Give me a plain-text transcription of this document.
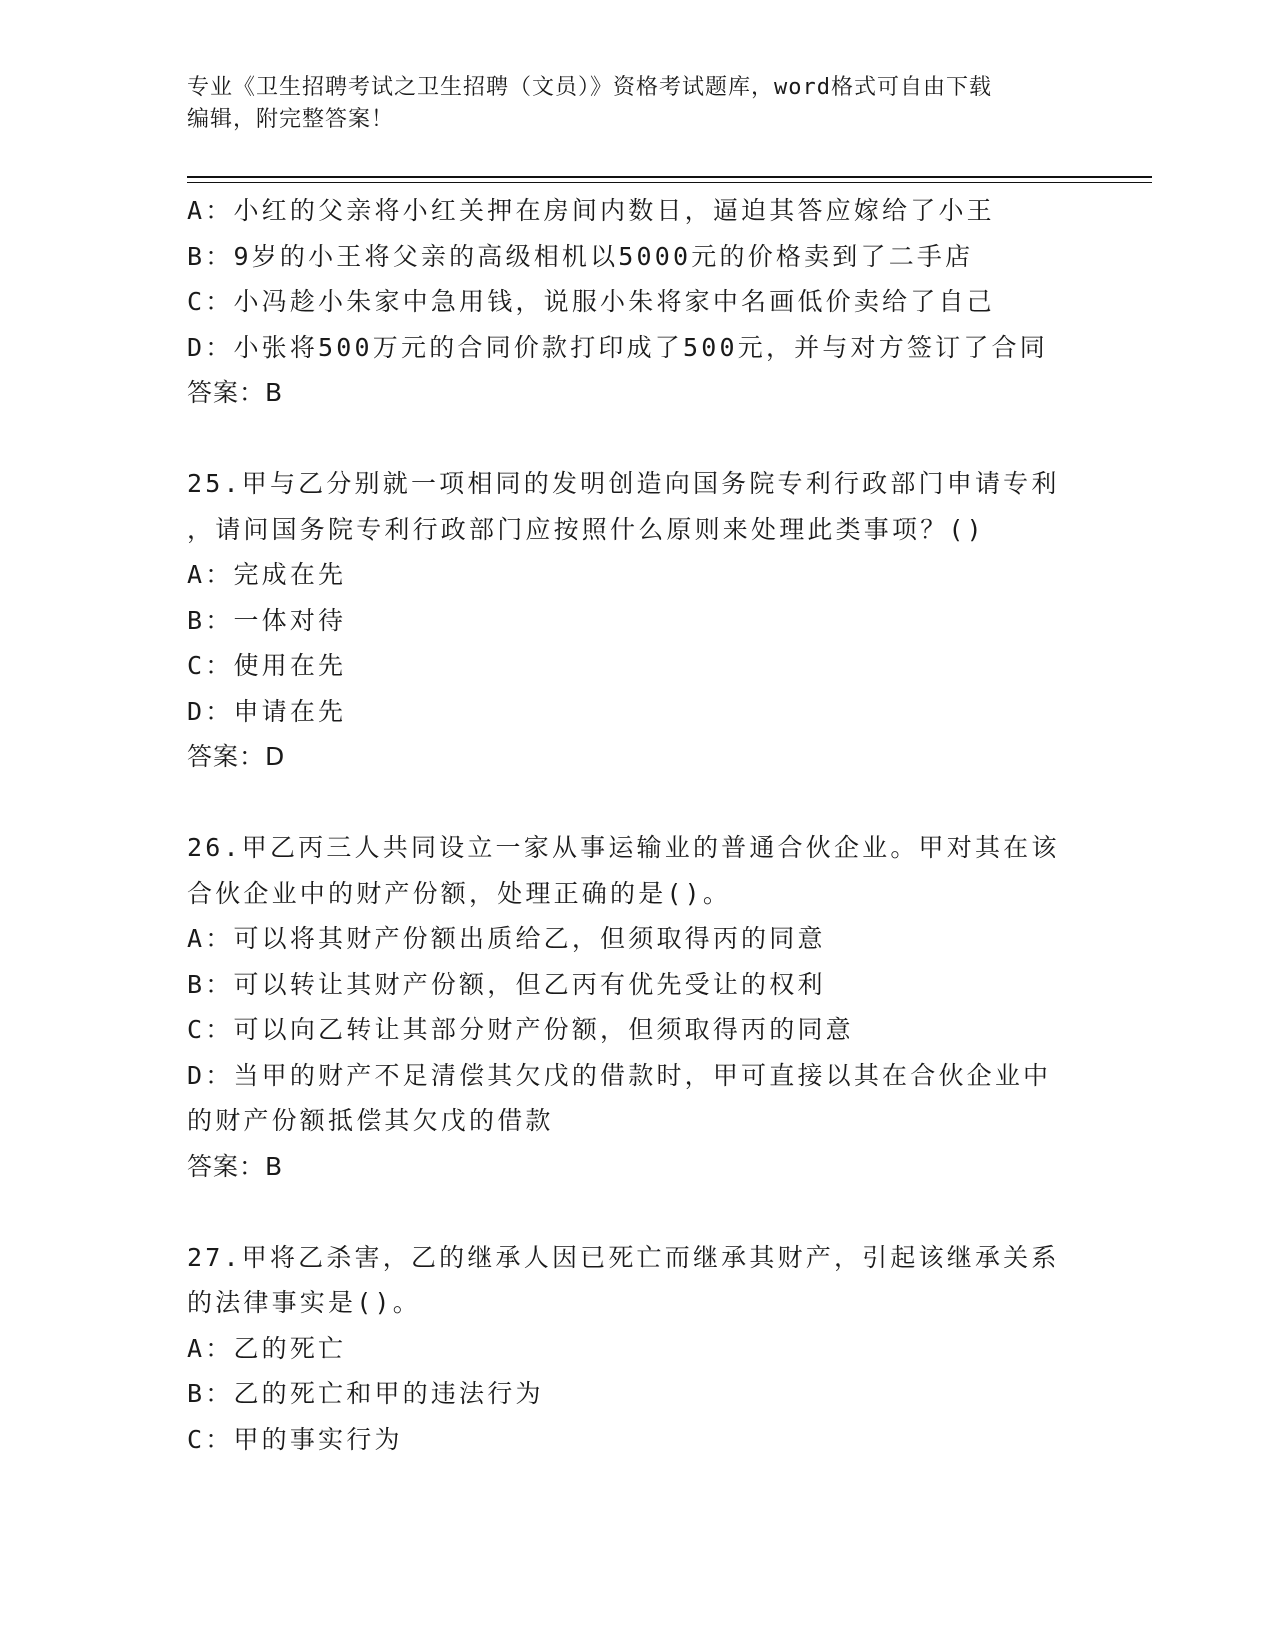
专业《卫生招聘考试之卫生招聘（文员）》资格考试题库，word格式可自由下载
编辑，附完整答案！
A：小红的父亲将小红关押在房间内数日，逼迫其答应嫁给了小王
B：9岁的小王将父亲的高级相机以5000元的价格卖到了二手店
C：小冯趁小朱家中急用钱，说服小朱将家中名画低价卖给了自己
D：小张将500万元的合同价款打印成了500元，并与对方签订了合同
答案：B
25.甲与乙分别就一项相同的发明创造向国务院专利行政部门申请专利
，请问国务院专利行政部门应按照什么原则来处理此类事项？()
A：完成在先
B：一体对待
C：使用在先
D：申请在先
答案：D
26.甲乙丙三人共同设立一家从事运输业的普通合伙企业。甲对其在该
合伙企业中的财产份额，处理正确的是()。
A：可以将其财产份额出质给乙，但须取得丙的同意
B：可以转让其财产份额，但乙丙有优先受让的权利
C：可以向乙转让其部分财产份额，但须取得丙的同意
D：当甲的财产不足清偿其欠戊的借款时，甲可直接以其在合伙企业中
的财产份额抵偿其欠戊的借款
答案：B
27.甲将乙杀害，乙的继承人因已死亡而继承其财产，引起该继承关系
的法律事实是()。
A：乙的死亡
B：乙的死亡和甲的违法行为
C：甲的事实行为
